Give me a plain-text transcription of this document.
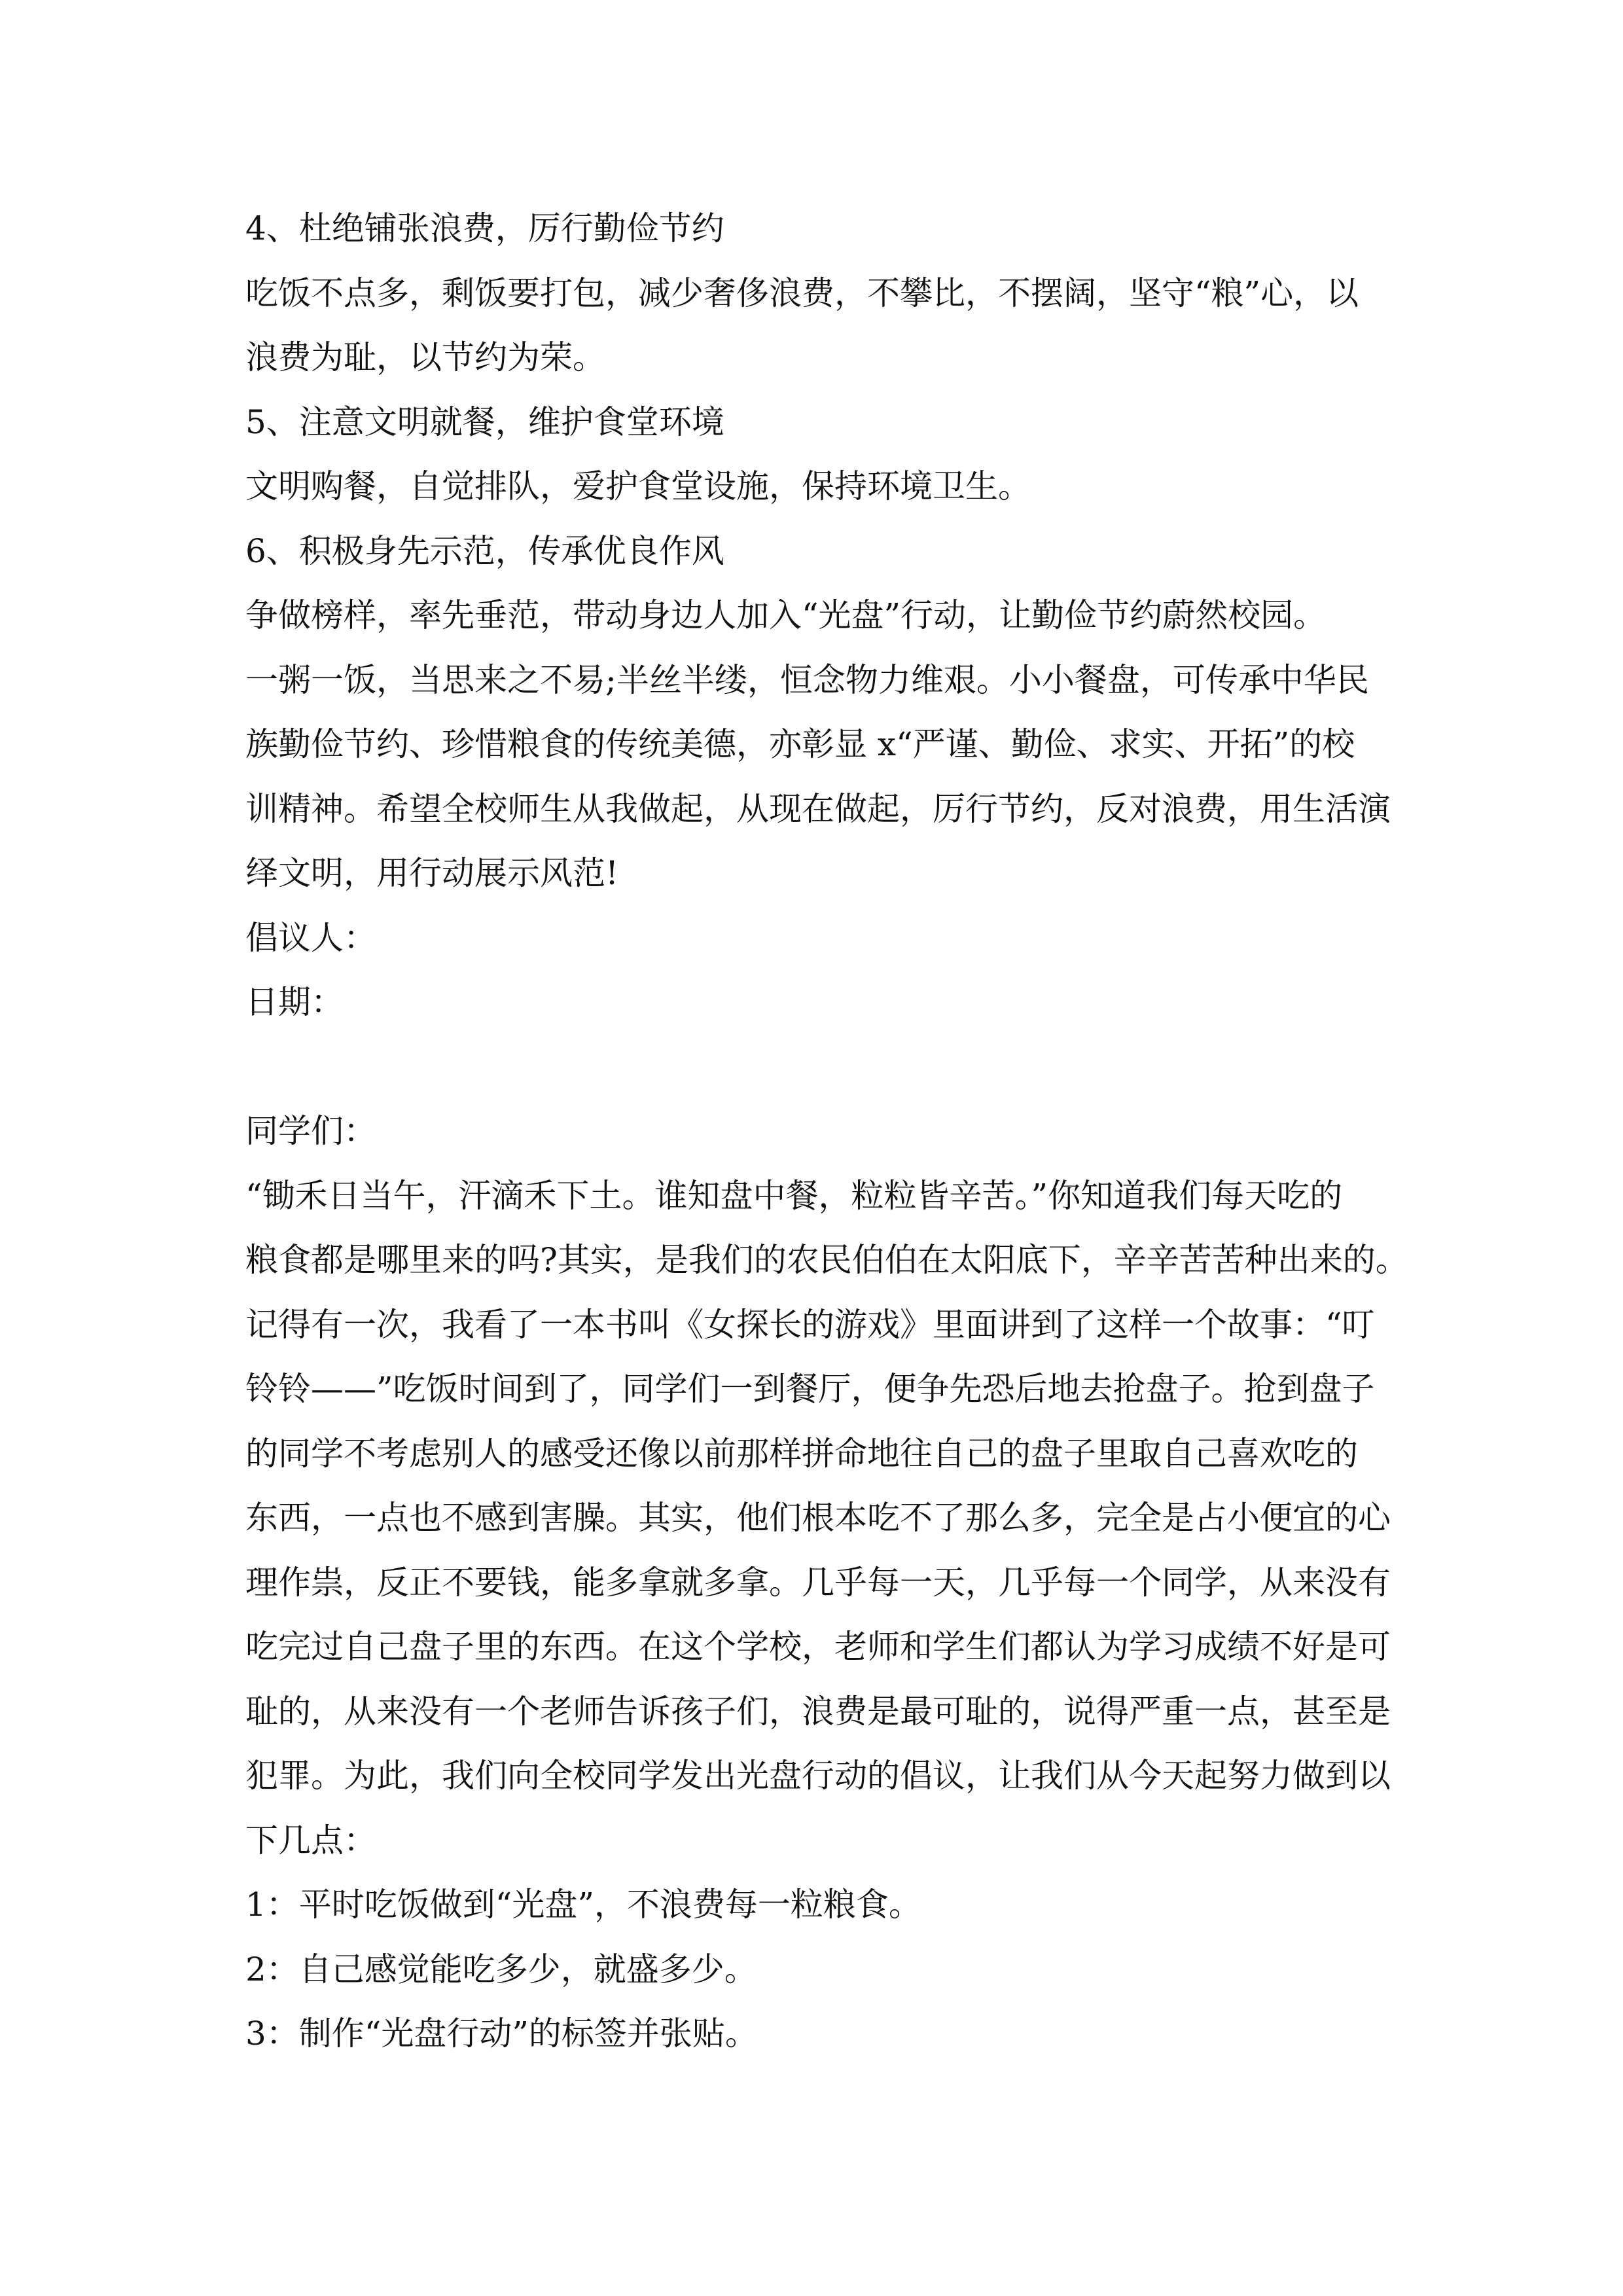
4、杜绝铺张浪费，厉行勤俭节约
吃饭不点多，剩饭要打包，减少奢侈浪费，不攀比，不摆阔，坚守“粮”心，以
浪费为耻，以节约为荣。
5、注意文明就餐，维护食堂环境
文明购餐，自觉排队，爱护食堂设施，保持环境卫生。
6、积极身先示范，传承优良作风
争做榜样，率先垂范，带动身边人加入“光盘”行动，让勤俭节约蔚然校园。
一粥一饭，当思来之不易;半丝半缕，恒念物力维艰。小小餐盘，可传承中华民
族勤俭节约、珍惜粮食的传统美德，亦彰显 x“严谨、勤俭、求实、开拓”的校
训精神。希望全校师生从我做起，从现在做起，厉行节约，反对浪费，用生活演
绎文明，用行动展示风范!
倡议人：
日期：
同学们：
“锄禾日当午，汗滴禾下土。谁知盘中餐，粒粒皆辛苦。”你知道我们每天吃的
粮食都是哪里来的吗?其实，是我们的农民伯伯在太阳底下，辛辛苦苦种出来的。
记得有一次，我看了一本书叫《女探长的游戏》里面讲到了这样一个故事：“叮
铃铃——”吃饭时间到了，同学们一到餐厅，便争先恐后地去抢盘子。抢到盘子
的同学不考虑别人的感受还像以前那样拼命地往自己的盘子里取自己喜欢吃的
东西，一点也不感到害臊。其实，他们根本吃不了那么多，完全是占小便宜的心
理作祟，反正不要钱，能多拿就多拿。几乎每一天，几乎每一个同学，从来没有
吃完过自己盘子里的东西。在这个学校，老师和学生们都认为学习成绩不好是可
耻的，从来没有一个老师告诉孩子们，浪费是最可耻的，说得严重一点，甚至是
犯罪。为此，我们向全校同学发出光盘行动的倡议，让我们从今天起努力做到以
下几点：
1：平时吃饭做到“光盘”，不浪费每一粒粮食。
2：自己感觉能吃多少，就盛多少。
3：制作“光盘行动”的标签并张贴。
